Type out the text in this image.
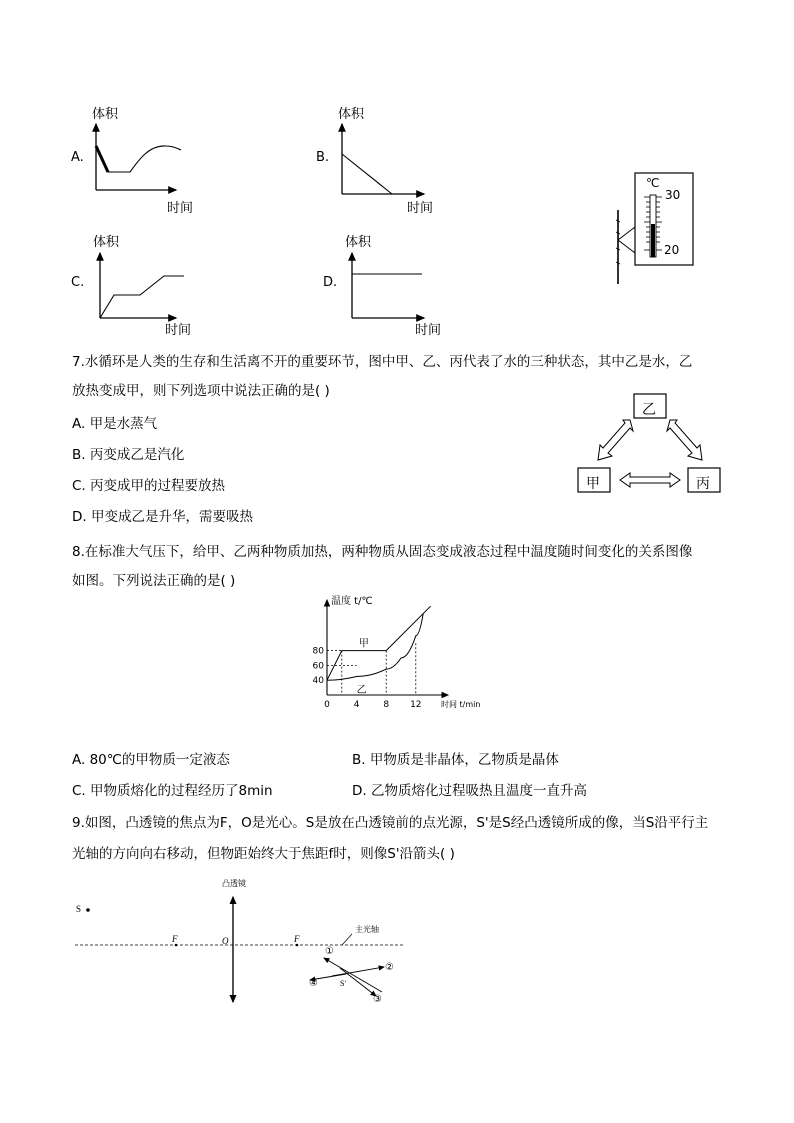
体积
A.
时间
体积
B.
时间
体积
C.
时间
体积
D.
时间
℃
30
20
7.水循环是人类的生存和生活离不开的重要环节，图中甲、乙、丙代表了水的三种状态，其中乙是水，乙
放热变成甲，则下列选项中说法正确的是( )
A. 甲是水蒸气
B. 丙变成乙是汽化
C. 丙变成甲的过程要放热
D. 甲变成乙是升华，需要吸热
乙
甲	丙
8.在标准大气压下，给甲、乙两种物质加热，两种物质从固态变成液态过程中温度随时间变化的关系图像
如图。下列说法正确的是( )
40
60
80
0	4	8 12
温度 t/℃
时间 t/min
甲
乙
A. 80℃的甲物质一定液态	B. 甲物质是非晶体，乙物质是晶体
C. 甲物质熔化的过程经历了8min	D. 乙物质熔化过程吸热且温度一直升高
9.如图，凸透镜的焦点为F，O是光心。S是放在凸透镜前的点光源，S'是S经凸透镜所成的像，当S沿平行主
光轴的方向向右移动，但物距始终大于焦距f时，则像S'沿箭头( )
凸透镜
主光轴
S
F	O	F
S'
①
②
③
④
